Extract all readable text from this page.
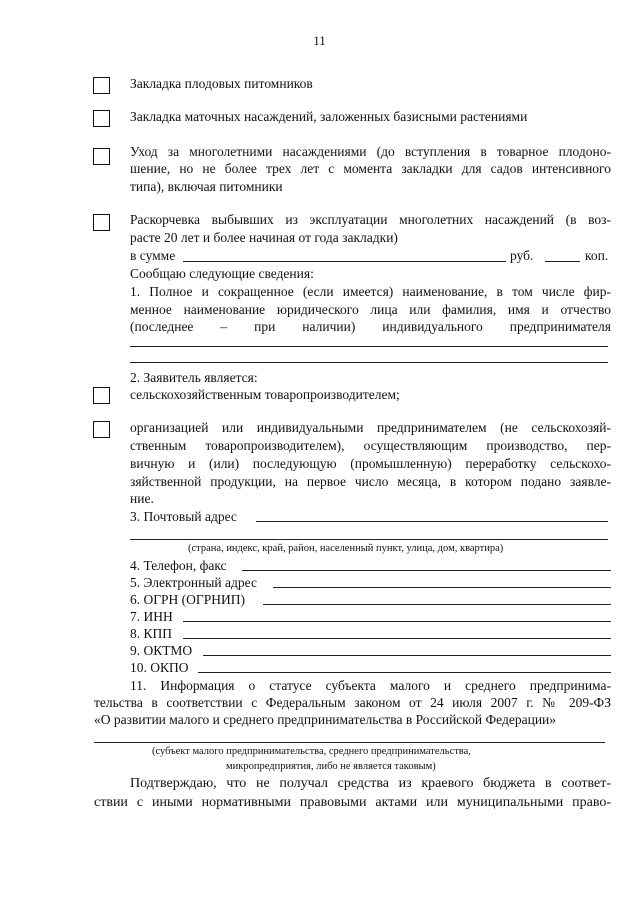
11
Закладка плодовых питомников
Закладка маточных насаждений, заложенных базисными растениями
Уход за многолетними насаждениями (до вступления в товарное плодоно-
шение, но не более трех лет с момента закладки для садов интенсивного
типа), включая питомники
Раскорчевка выбывших из эксплуатации многолетних насаждений (в воз-
расте 20 лет и более начиная от года закладки)
в сумме	руб.	коп.
Сообщаю следующие сведения:
1. Полное и сокращенное (если имеется) наименование, в том числе фир-
менное наименование юридического лица или фамилия, имя и отчество
(последнее – при наличии) индивидуального предпринимателя
2. Заявитель является:
сельскохозяйственным товаропроизводителем;
организацией или индивидуальными предпринимателем (не сельскохозяй-
ственным товаропроизводителем), осуществляющим производство, пер-
вичную и (или) последующую (промышленную) переработку сельскохо-
зяйственной продукции, на первое число месяца, в котором подано заявле-
ние.
3. Почтовый адрес
(страна, индекс, край, район, населенный пункт, улица, дом, квартира)
4. Телефон, факс
5. Электронный адрес
6. ОГРН (ОГРНИП)
7. ИНН
8. КПП
9. ОКТМО
10. ОКПО
11. Информация о статусе субъекта малого и среднего предпринима-
тельства в соответствии с Федеральным законом от 24 июля 2007 г. № 209-ФЗ
«О развитии малого и среднего предпринимательства в Российской Федерации»
(субъект малого предпринимательства, среднего предпринимательства,
микропредприятия, либо не является таковым)
Подтверждаю, что не получал средства из краевого бюджета в соответ-
ствии с иными нормативными правовыми актами или муниципальными право-
